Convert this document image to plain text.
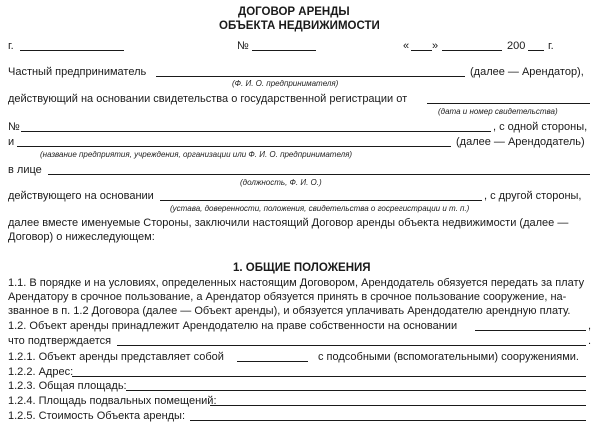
ДОГОВОР АРЕНДЫ
ОБЪЕКТА НЕДВИЖИМОСТИ
г.	№	« »	200 г.
Частный предприниматель	(далее — Арендатор),
(Ф. И. О. предпринимателя)
действующий на основании свидетельства о государственной регистрации от
(дата и номер свидетельства)
№	, с одной стороны,
и	(далее — Арендодатель)
(название предприятия, учреждения, организации или Ф. И. О. предпринимателя)
в лице
(должность, Ф. И. О.)
действующего на основании	, с другой стороны,
(устава, доверенности, положения, свидетельства о госрегистрации и т. п.)
далее вместе именуемые Стороны, заключили настоящий Договор аренды объекта недвижимости (далее —
Договор) о нижеследующем:
1. ОБЩИЕ ПОЛОЖЕНИЯ
1.1. В порядке и на условиях, определенных настоящим Договором, Арендодатель обязуется передать за плату
Арендатору в срочное пользование, а Арендатор обязуется принять в срочное пользование сооружение, на-
званное в п. 1.2 Договора (далее — Объект аренды), и обязуется уплачивать Арендодателю арендную плату.
1.2. Объект аренды принадлежит Арендодателю на праве собственности на основании	,
что подтверждается	.
1.2.1. Объект аренды представляет собой	с подсобными (вспомогательными) сооружениями.
1.2.2. Адрес:
1.2.3. Общая площадь:
1.2.4. Площадь подвальных помещений:
1.2.5. Стоимость Объекта аренды:
